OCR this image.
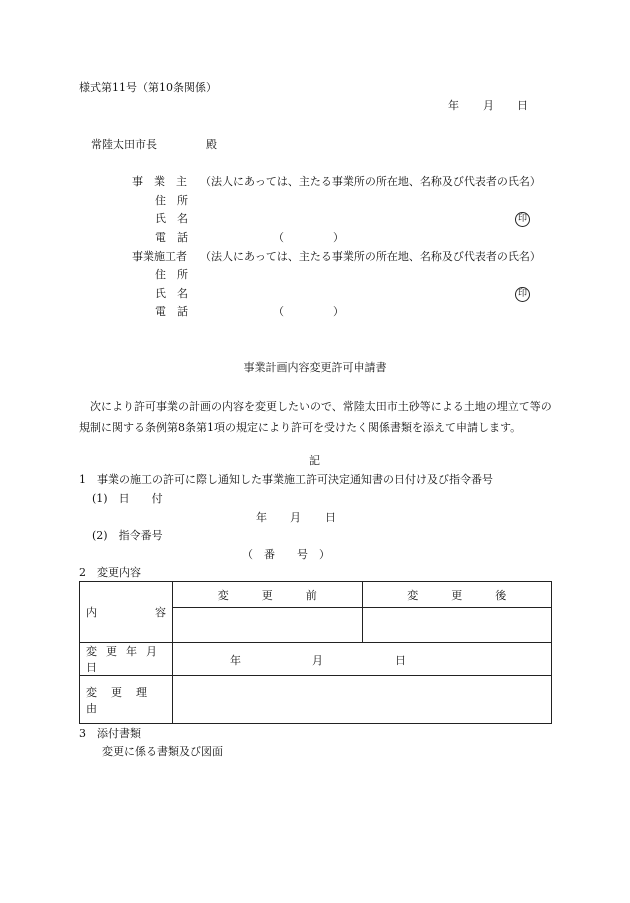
様式第11号（第10条関係）
年 月 日
常陸太田市長	殿
事　業　主 （法人にあっては、主たる事業所の所在地、名称及び代表者の氏名）
住　所
氏　名	印
電　話	（	）
事業施工者 （法人にあっては、主たる事業所の所在地、名称及び代表者の氏名）
住　所
氏　名	印
電　話	（	）
事業計画内容変更許可申請書
次により許可事業の計画の内容を変更したいので、常陸太田市土砂等による土地の埋立て等の規制に関する条例第8条第1項の規定により許可を受けたく関係書類を添えて申請します。
記
1　事業の施工の許可に際し通知した事業施工許可決定通知書の日付け及び指令番号
(1)　日　　付
年 月 日
(2)　指令番号
（　番　　号　）
2　変更内容
内 容	変　　　更　　　前	変　　　更　　　後

変更年月日	年 月 日	

変更理由		
3　添付書類
変更に係る書類及び図面
